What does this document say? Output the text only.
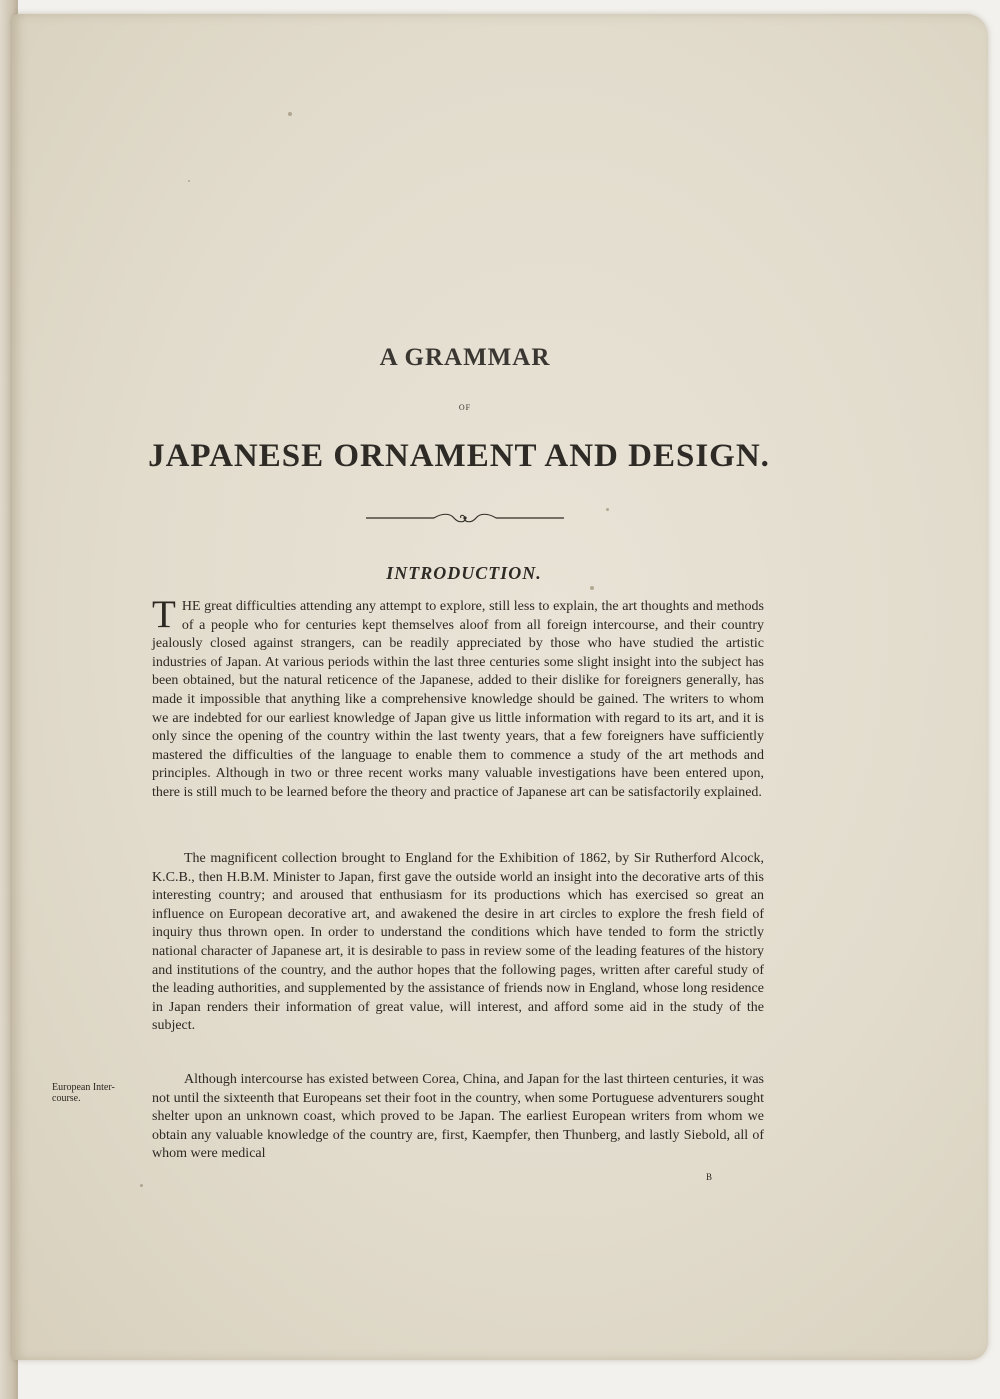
A GRAMMAR
OF
JAPANESE ORNAMENT AND DESIGN.
INTRODUCTION.

THE great difficulties attending any attempt to explore, still less to explain, the art thoughts and methods of a people who for centuries kept themselves aloof from all foreign intercourse, and their country jealously closed against strangers, can be readily appreciated by those who have studied the artistic industries of Japan. At various periods within the last three centuries some slight insight into the subject has been obtained, but the natural reticence of the Japanese, added to their dislike for foreigners generally, has made it impossible that anything like a comprehensive knowledge should be gained. The writers to whom we are indebted for our earliest knowledge of Japan give us little information with regard to its art, and it is only since the opening of the country within the last twenty years, that a few foreigners have sufficiently mastered the difficulties of the language to enable them to commence a study of the art methods and principles. Although in two or three recent works many valuable investigations have been entered upon, there is still much to be learned before the theory and practice of Japanese art can be satisfactorily explained.

The magnificent collection brought to England for the Exhibition of 1862, by Sir Rutherford Alcock, K.C.B., then H.B.M. Minister to Japan, first gave the outside world an insight into the decorative arts of this interesting country; and aroused that enthusiasm for its productions which has exercised so great an influence on European decorative art, and awakened the desire in art circles to explore the fresh field of inquiry thus thrown open. In order to understand the conditions which have tended to form the strictly national character of Japanese art, it is desirable to pass in review some of the leading features of the history and institutions of the country, and the author hopes that the following pages, written after careful study of the leading authorities, and supplemented by the assistance of friends now in England, whose long residence in Japan renders their information of great value, will interest, and afford some aid in the study of the subject.

European Inter-course.

Although intercourse has existed between Corea, China, and Japan for the last thirteen centuries, it was not until the sixteenth that Europeans set their foot in the country, when some Portuguese adventurers sought shelter upon an unknown coast, which proved to be Japan. The earliest European writers from whom we obtain any valuable knowledge of the country are, first, Kaempfer, then Thunberg, and lastly Siebold, all of whom were medical

B
